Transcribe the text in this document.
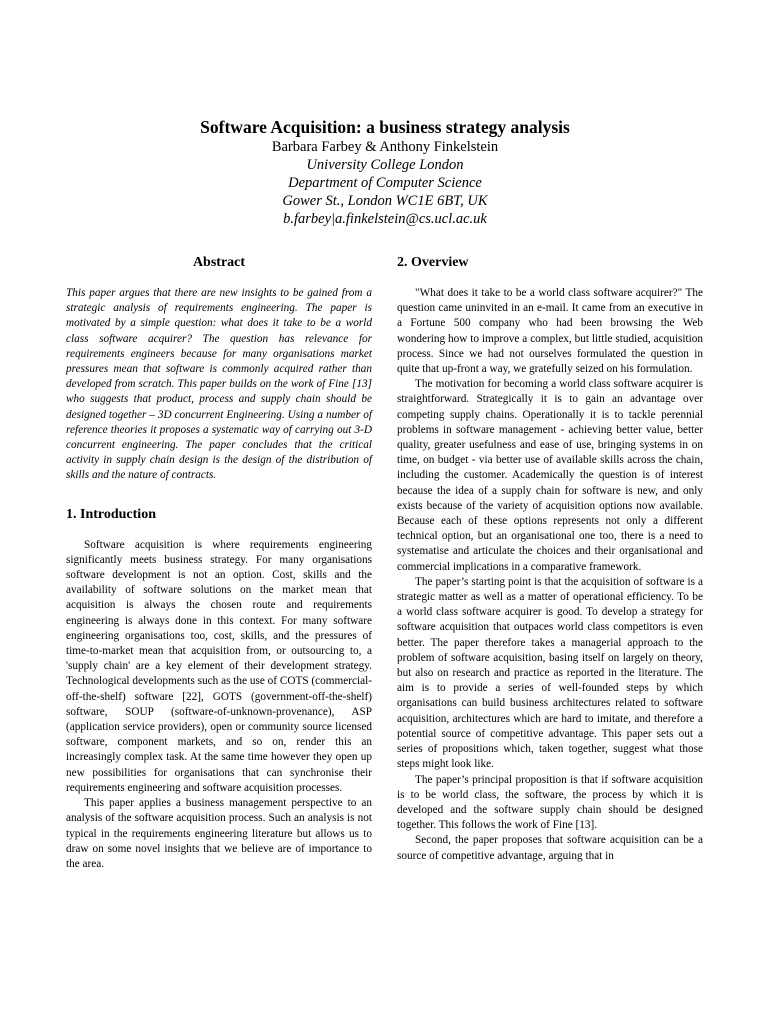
Software Acquisition: a business strategy analysis
Barbara Farbey & Anthony Finkelstein
University College London
Department of Computer Science
Gower St., London WC1E 6BT, UK
b.farbey|a.finkelstein@cs.ucl.ac.uk
Abstract

This paper argues that there are new insights to be gained from a strategic analysis of requirements engineering. The paper is motivated by a simple question: what does it take to be a world class software acquirer? The question has relevance for requirements engineers because for many organisations market pressures mean that software is commonly acquired rather than developed from scratch. This paper builds on the work of Fine [13] who suggests that product, process and supply chain should be designed together – 3D concurrent Engineering. Using a number of reference theories it proposes a systematic way of carrying out 3-D concurrent engineering. The paper concludes that the critical activity in supply chain design is the design of the distribution of skills and the nature of contracts.

1. Introduction

Software acquisition is where requirements engineering significantly meets business strategy. For many organisations software development is not an option. Cost, skills and the availability of software solutions on the market mean that acquisition is always the chosen route and requirements engineering is always done in this context. For many software engineering organisations too, cost, skills, and the pressures of time-to-market mean that acquisition from, or outsourcing to, a 'supply chain' are a key element of their development strategy. Technological developments such as the use of COTS (commercial-off-the-shelf) software [22], GOTS (government-off-the-shelf) software, SOUP (software-of-unknown-provenance), ASP (application service providers), open or community source licensed software, component markets, and so on, render this an increasingly complex task. At the same time however they open up new possibilities for organisations that can synchronise their requirements engineering and software acquisition processes.

This paper applies a business management perspective to an analysis of the software acquisition process. Such an analysis is not typical in the requirements engineering literature but allows us to draw on some novel insights that we believe are of importance to the area.

2. Overview

"What does it take to be a world class software acquirer?" The question came uninvited in an e-mail. It came from an executive in a Fortune 500 company who had been browsing the Web wondering how to improve a complex, but little studied, acquisition process. Since we had not ourselves formulated the question in quite that up-front a way, we gratefully seized on his formulation.

The motivation for becoming a world class software acquirer is straightforward. Strategically it is to gain an advantage over competing supply chains. Operationally it is to tackle perennial problems in software management - achieving better value, better quality, greater usefulness and ease of use, bringing systems in on time, on budget - via better use of available skills across the chain, including the customer. Academically the question is of interest because the idea of a supply chain for software is new, and only exists because of the variety of acquisition options now available. Because each of these options represents not only a different technical option, but an organisational one too, there is a need to systematise and articulate the choices and their organisational and commercial implications in a comparative framework.

The paper’s starting point is that the acquisition of software is a strategic matter as well as a matter of operational efficiency. To be a world class software acquirer is good. To develop a strategy for software acquisition that outpaces world class competitors is even better. The paper therefore takes a managerial approach to the problem of software acquisition, basing itself on largely on theory, but also on research and practice as reported in the literature. The aim is to provide a series of well-founded steps by which organisations can build business architectures related to software acquisition, architectures which are hard to imitate, and therefore a potential source of competitive advantage. This paper sets out a series of propositions which, taken together, suggest what those steps might look like.

The paper’s principal proposition is that if software acquisition is to be world class, the software, the process by which it is developed and the software supply chain should be designed together. This follows the work of Fine [13].

Second, the paper proposes that software acquisition can be a source of competitive advantage, arguing that in
